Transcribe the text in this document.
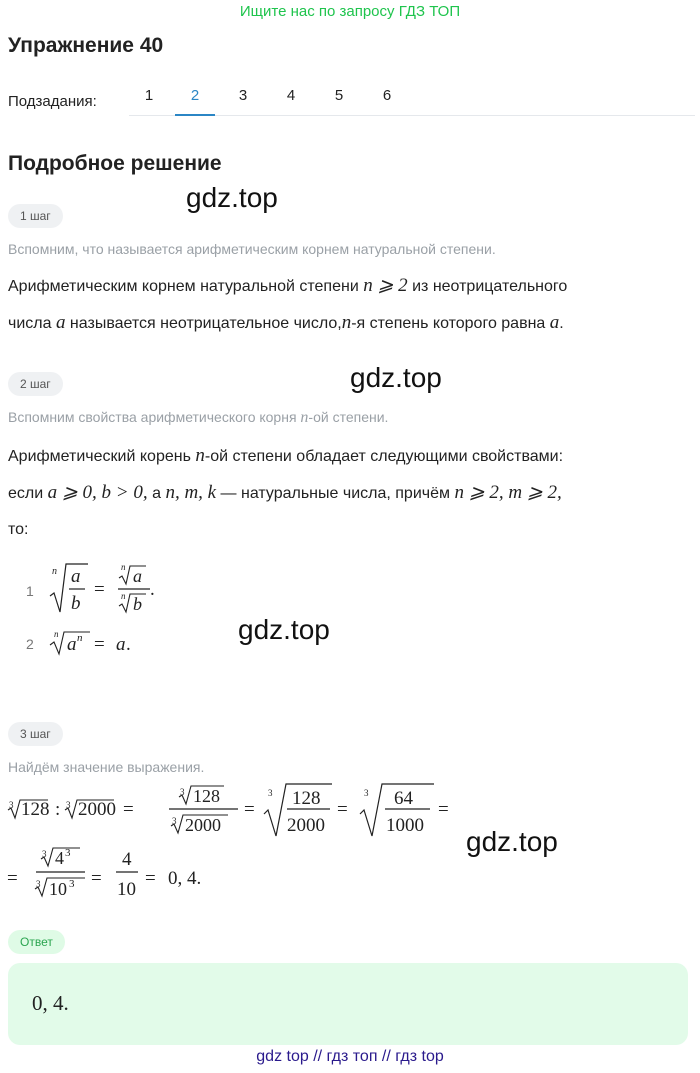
Ищите нас по запросу ГДЗ ТОП
Упражнение 40
Подзадания:	1	2	3	4	5	6
Подробное решение
gdz.top
gdz.top
gdz.top
gdz.top
1 шаг
Вспомним, что называется арифметическим корнем натуральной степени.
Арифметическим корнем натуральной степени n ⩾ 2 из неотрицательного
числа a называется неотрицательное число,n-я степень которого равна a.
2 шаг
Вспомним свойства арифметического корня n-ой степени.
Арифметический корень n-ой степени обладает следующими свойствами:
если a ⩾ 0, b > 0, а n, m, k — натуральные числа, причём n ⩾ 2, m ⩾ 2,
то:
1
2
n a
b
=
n a
n b
.
n a n = a .
3 шаг
Найдём значение выражения.
3 128 : 3 2000 =
3 128
3 2000
=
3 128
2000
=
3 64
1000
=
=
3 4 3
3 10 3 =
4
10
= 0, 4.
Ответ
0, 4.
gdz top // гдз топ // гдз top
